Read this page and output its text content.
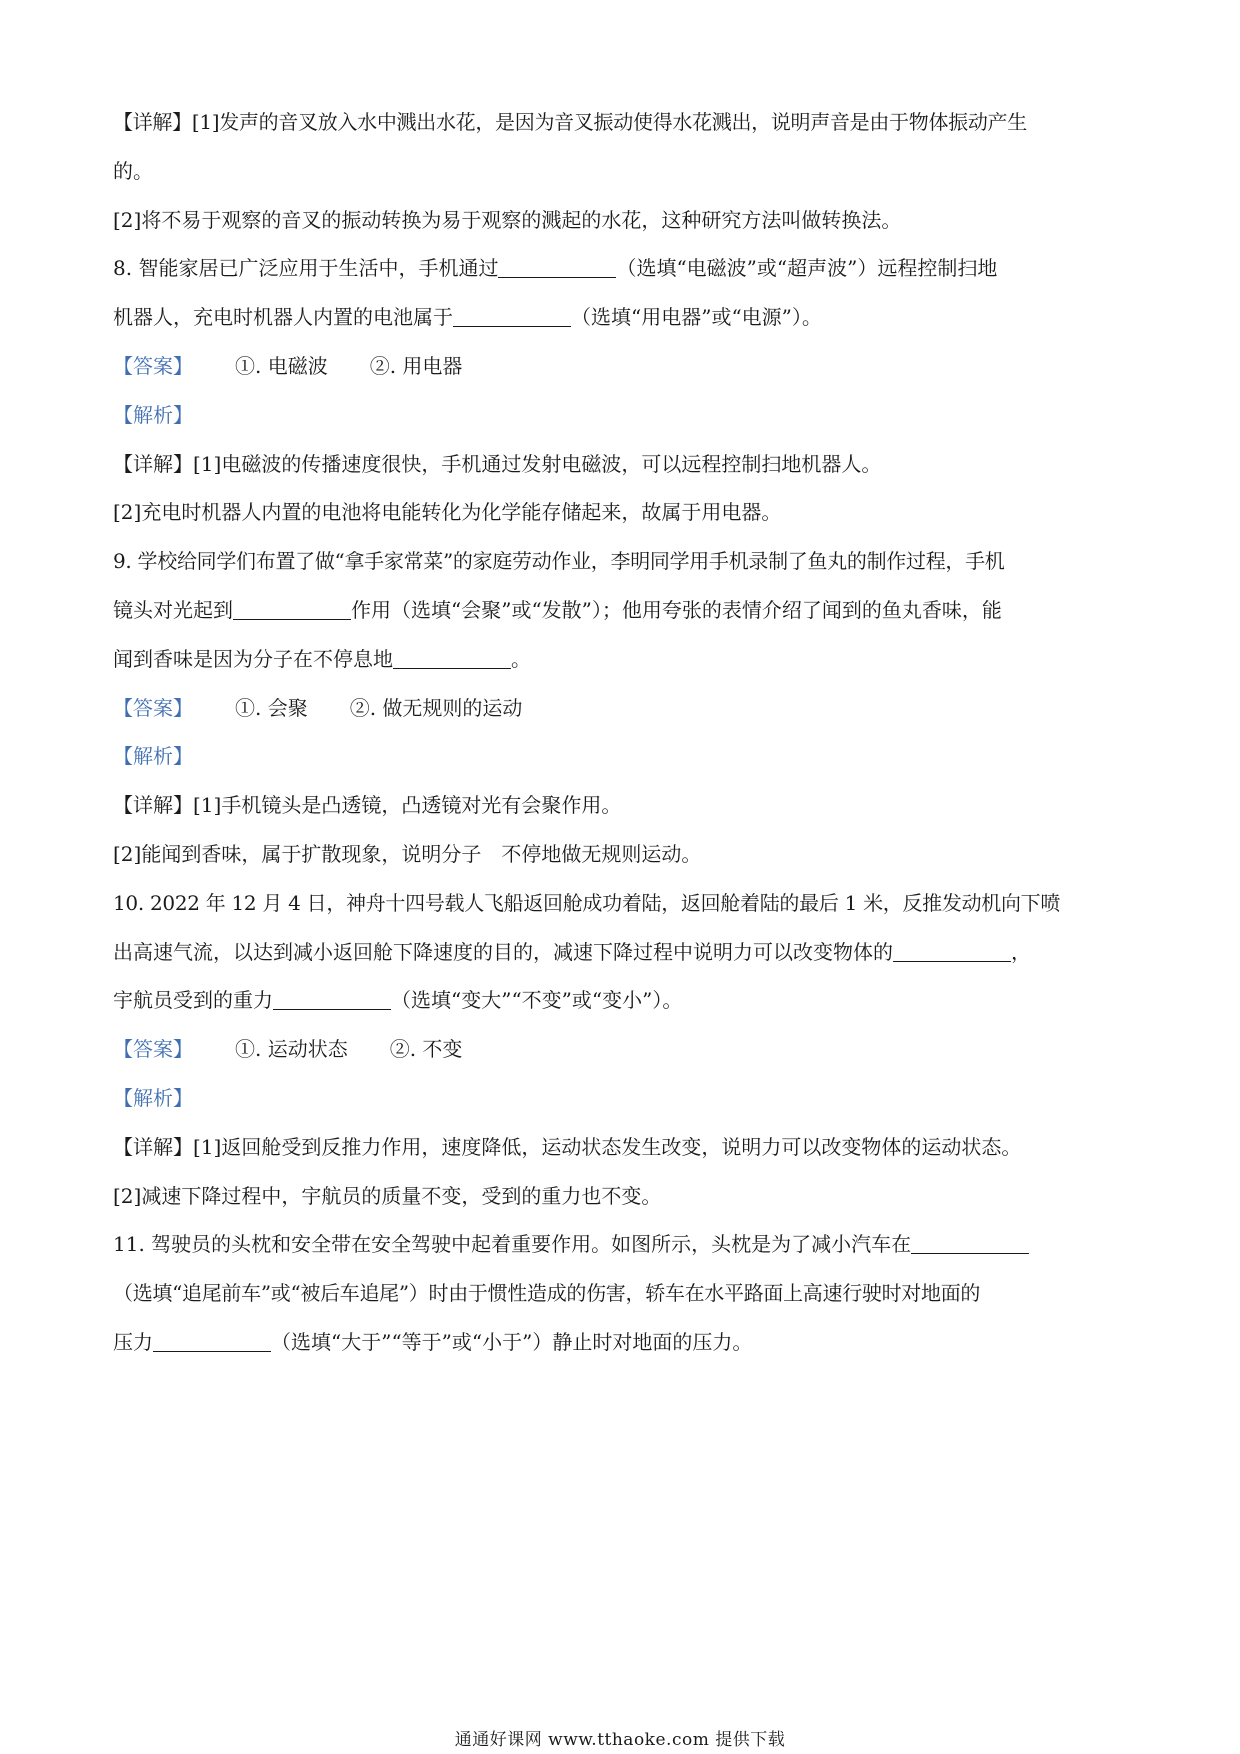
【详解】[1]发声的音叉放入水中溅出水花，是因为音叉振动使得水花溅出，说明声音是由于物体振动产生
的。
[2]将不易于观察的音叉的振动转换为易于观察的溅起的水花，这种研究方法叫做转换法。
8. 智能家居已广泛应用于生活中，手机通过	（选填“电磁波”或“超声波”）远程控制扫地
机器人，充电时机器人内置的电池属于	（选填“用电器”或“电源”）。
【答案】 ①. 电磁波 ②. 用电器
【解析】
【详解】[1]电磁波的传播速度很快，手机通过发射电磁波，可以远程控制扫地机器人。
[2]充电时机器人内置的电池将电能转化为化学能存储起来，故属于用电器。
9. 学校给同学们布置了做“拿手家常菜”的家庭劳动作业，李明同学用手机录制了鱼丸的制作过程，手机
镜头对光起到	作用（选填“会聚”或“发散”）；他用夸张的表情介绍了闻到的鱼丸香味，能
闻到香味是因为分子在不停息地	。
【答案】 ①. 会聚 ②. 做无规则的运动
【解析】
【详解】[1]手机镜头是凸透镜，凸透镜对光有会聚作用。
[2]能闻到香味，属于扩散现象，说明分子　不停地做无规则运动。
10. 2022 年 12 月 4 日，神舟十四号载人飞船返回舱成功着陆，返回舱着陆的最后 1 米，反推发动机向下喷
出高速气流，以达到减小返回舱下降速度的目的，减速下降过程中说明力可以改变物体的	，
宇航员受到的重力	（选填“变大”“不变”或“变小”）。
【答案】 ①. 运动状态 ②. 不变
【解析】
【详解】[1]返回舱受到反推力作用，速度降低，运动状态发生改变，说明力可以改变物体的运动状态。
[2]减速下降过程中，宇航员的质量不变，受到的重力也不变。
11. 驾驶员的头枕和安全带在安全驾驶中起着重要作用。如图所示，头枕是为了减小汽车在
（选填“追尾前车”或“被后车追尾”）时由于惯性造成的伤害，轿车在水平路面上高速行驶时对地面的
压力	（选填“大于”“等于”或“小于”）静止时对地面的压力。
通通好课网 www.tthaoke.com 提供下载
